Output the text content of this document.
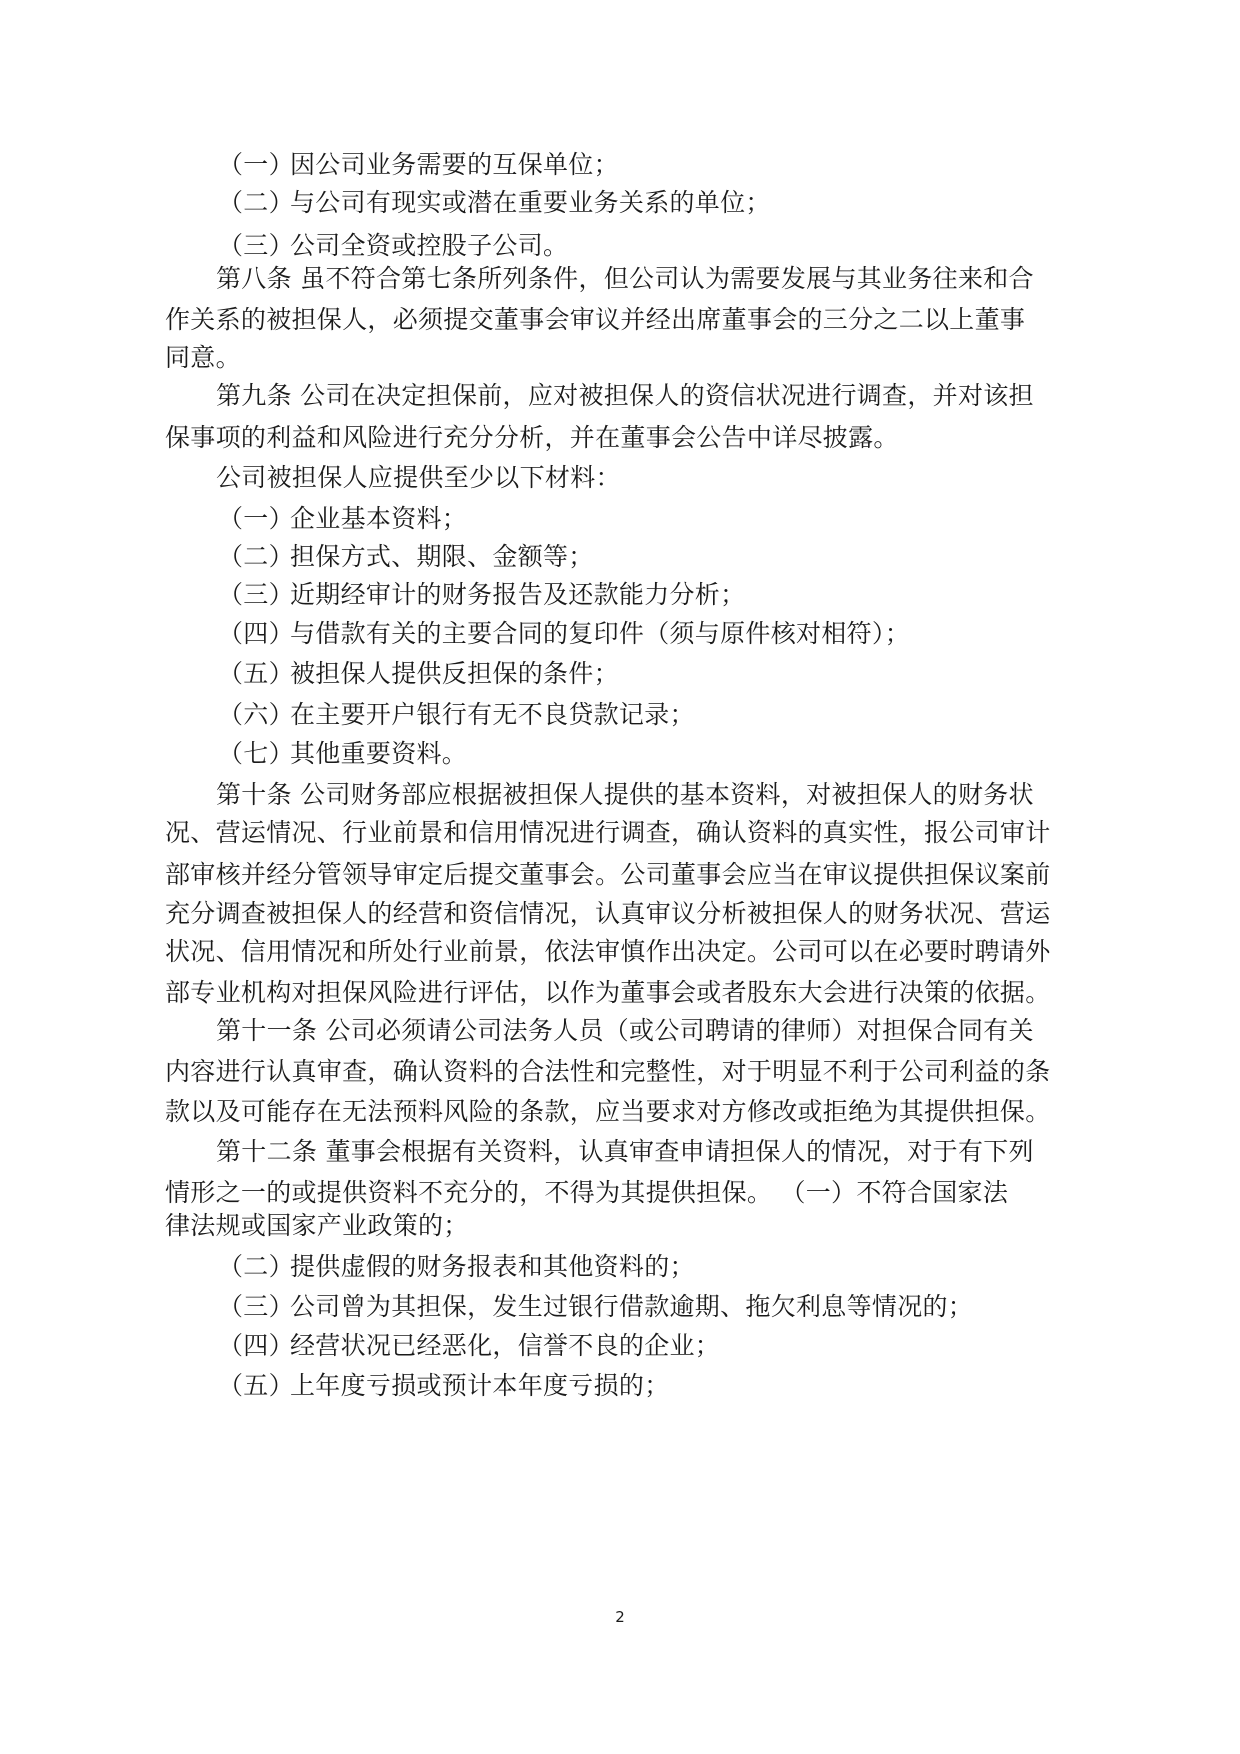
（一）
因公司业务需要的互保单位；
（二）
与公司有现实或潜在重要业务关系的单位；
（三）
公司全资或控股子公司。
第八条 虽不符合第七条所列条件，但公司认为需要发展与其业务往来和合
作关系的被担保人，必须提交董事会审议并经出席董事会的三分之二以上董事
同意。
第九条 公司在决定担保前，应对被担保人的资信状况进行调查，并对该担
保事项的利益和风险进行充分分析，并在董事会公告中详尽披露。
公司被担保人应提供至少以下材料：
（一）
企业基本资料；
（二）
担保方式、期限、金额等；
（三）
近期经审计的财务报告及还款能力分析；
（四）
与借款有关的主要合同的复印件（须与原件核对相符）；
（五）
被担保人提供反担保的条件；
（六）
在主要开户银行有无不良贷款记录；
（七）
其他重要资料。
第十条 公司财务部应根据被担保人提供的基本资料，对被担保人的财务状
况、营运情况、行业前景和信用情况进行调查，确认资料的真实性，报公司审计
部审核并经分管领导审定后提交董事会。公司董事会应当在审议提供担保议案前
充分调查被担保人的经营和资信情况，认真审议分析被担保人的财务状况、营运
状况、信用情况和所处行业前景，依法审慎作出决定。公司可以在必要时聘请外
部专业机构对担保风险进行评估，以作为董事会或者股东大会进行决策的依据。
第十一条 公司必须请公司法务人员（或公司聘请的律师）对担保合同有关
内容进行认真审查，确认资料的合法性和完整性，对于明显不利于公司利益的条
款以及可能存在无法预料风险的条款，应当要求对方修改或拒绝为其提供担保。
第十二条 董事会根据有关资料，认真审查申请担保人的情况，对于有下列
情形之一的或提供资料不充分的，不得为其提供担保。 （一）不符合国家法
律法规或国家产业政策的；
（二）
提供虚假的财务报表和其他资料的；
（三）
公司曾为其担保，发生过银行借款逾期、拖欠利息等情况的；
（四）
经营状况已经恶化，信誉不良的企业；
（五）
上年度亏损或预计本年度亏损的；
2
